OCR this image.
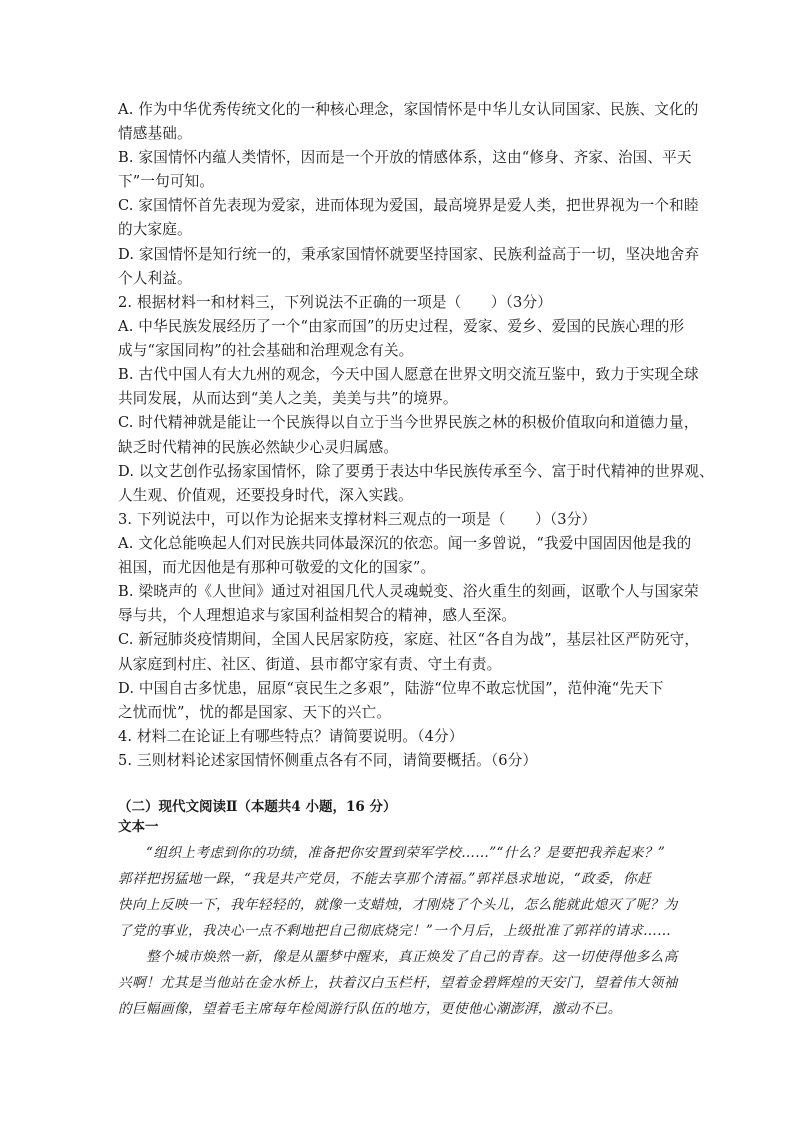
A. 作为中华优秀传统文化的一种核心理念，家国情怀是中华儿女认同国家、民族、文化的
情感基础。
B. 家国情怀内蕴人类情怀，因而是一个开放的情感体系，这由“修身、齐家、治国、平天
下”一句可知。
C. 家国情怀首先表现为爱家，进而体现为爱国，最高境界是爱人类，把世界视为一个和睦
的大家庭。
D. 家国情怀是知行统一的，秉承家国情怀就要坚持国家、民族利益高于一切，坚决地舍弃
个人利益。
2. 根据材料一和材料三，下列说法不正确的一项是（　　）（3分）
A. 中华民族发展经历了一个“由家而国”的历史过程，爱家、爱乡、爱国的民族心理的形
成与“家国同构”的社会基础和治理观念有关。
B. 古代中国人有大九州的观念，今天中国人愿意在世界文明交流互鉴中，致力于实现全球
共同发展，从而达到“美人之美，美美与共”的境界。
C. 时代精神就是能让一个民族得以自立于当今世界民族之林的积极价值取向和道德力量，
缺乏时代精神的民族必然缺少心灵归属感。
D. 以文艺创作弘扬家国情怀，除了要勇于表达中华民族传承至今、富于时代精神的世界观、
人生观、价值观，还要投身时代，深入实践。
3. 下列说法中，可以作为论据来支撑材料三观点的一项是（　　）（3分）
A. 文化总能唤起人们对民族共同体最深沉的依恋。闻一多曾说，“我爱中国固因他是我的
祖国，而尤因他是有那种可敬爱的文化的国家”。
B. 梁晓声的《人世间》通过对祖国几代人灵魂蜕变、浴火重生的刻画，讴歌个人与国家荣
辱与共，个人理想追求与家国利益相契合的精神，感人至深。
C. 新冠肺炎疫情期间，全国人民居家防疫，家庭、社区“各自为战”，基层社区严防死守，
从家庭到村庄、社区、街道、县市都守家有责、守土有责。
D. 中国自古多忧患，屈原“哀民生之多艰”，陆游“位卑不敢忘忧国”，范仲淹“先天下
之忧而忧”，忧的都是国家、天下的兴亡。
4. 材料二在论证上有哪些特点？请简要说明。（4分）
5. 三则材料论述家国情怀侧重点各有不同，请简要概括。（6分）
（二）现代文阅读Ⅱ（本题共4 小题，16 分）
文本一
“组织上考虑到你的功绩，准备把你安置到荣军学校……”“什么？是要把我养起来？”
郭祥把拐猛地一跺，“我是共产党员，不能去享那个清福。”郭祥恳求地说，“政委，你赶
快向上反映一下，我年轻轻的，就像一支蜡烛，才刚烧了个头儿，怎么能就此熄灭了呢？为
了党的事业，我决心一点不剩地把自己彻底烧完！”一个月后，上级批准了郭祥的请求……
整个城市焕然一新，像是从噩梦中醒来，真正焕发了自己的青春。这一切使得他多么高
兴啊！尤其是当他站在金水桥上，扶着汉白玉栏杆，望着金碧辉煌的天安门，望着伟大领袖
的巨幅画像，望着毛主席每年检阅游行队伍的地方，更使他心潮澎湃，激动不已。
